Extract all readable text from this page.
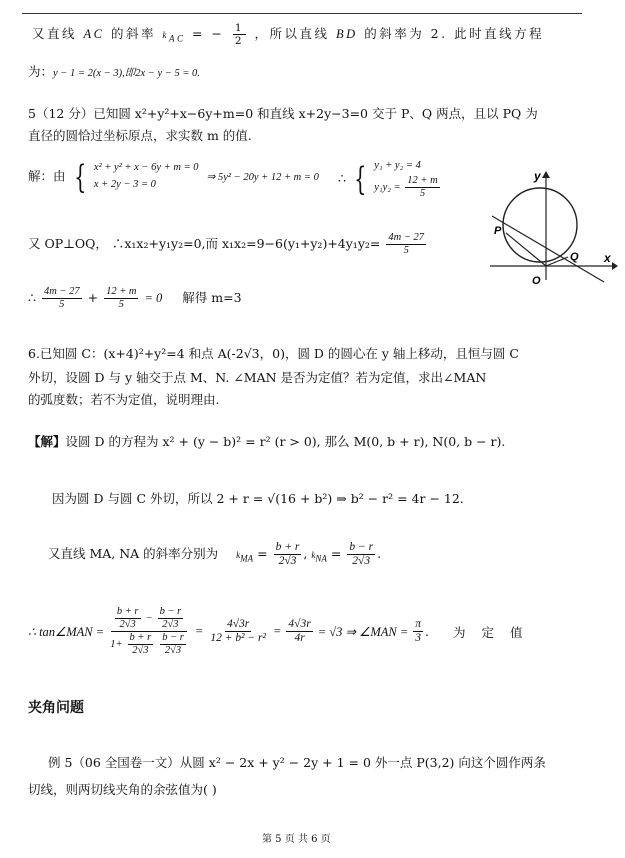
又直线 AC 的斜率 $k_{AC}$ = − $\frac{1}{2}$ ，所以直线 BD 的斜率为 2. 此时直线方程
为：y − 1 = 2(x − 3),即2x − y − 5 = 0.
5（12 分）已知圆 x²+y²+x−6y+m=0 和直线 x+2y−3=0 交于 P、Q 两点，且以 PQ 为
直径的圆恰过坐标原点，求实数 m 的值.
解：由 { x² + y² + x − 6y + m = 0
x + 2y − 3 = 0
⇒ 5y² − 20y + 12 + m = 0 ∴ { y₁ + y₂ = 4
$y_1y_2 = \frac{12 + m}{5}$
又 OP⊥OQ， ∴x₁x₂+y₁y₂=0,而 $x_1x_2=9-6(y_1+y_2)+4y_1y_2= \frac{4m - 27}{5}$
∴ $\frac{4m - 27}{5} + \frac{12 + m}{5} = 0$ 解得 m=3
y
x
P
Q
O
6.已知圆 C：(x+4)²+y²=4 和点 A(-2√3，0)，圆 D 的圆心在 y 轴上移动，且恒与圆 C
外切，设圆 D 与 y 轴交于点 M、N. ∠MAN 是否为定值？若为定值，求出∠MAN
的弧度数；若不为定值，说明理由.
【解】设圆 D 的方程为 x² + (y − b)² = r² (r > 0), 那么 M(0, b + r), N(0, b − r).
因为圆 D 与圆 C 外切，所以 2 + r = √(16 + b²) ⇒ b² − r² = 4r − 12.
又直线 MA, NA 的斜率分别为 $k_{MA} = \frac{b + r}{2√3}$ , $k_{NA} = \frac{b - r}{2√3}$ .
∴ tan∠MAN = $\frac{\frac{b + r}{2√3} - \frac{b - r}{2√3}}{1+ \frac{b + r}{2√3} \frac{b - r}{2√3}} = \frac{4√3r}{\text{12 + b² − r²}} = \frac{4√3r}{4r} = √3$ ⇒ ∠MAN = $\frac{\pi}{3}$ . 为 定 值
夹角问题
例 5（06 全国卷一文）从圆 x² − 2x + y² − 2y + 1 = 0 外一点 P(3,2) 向这个圆作两条
切线，则两切线夹角的余弦值为( )
第 5 页 共 6 页
